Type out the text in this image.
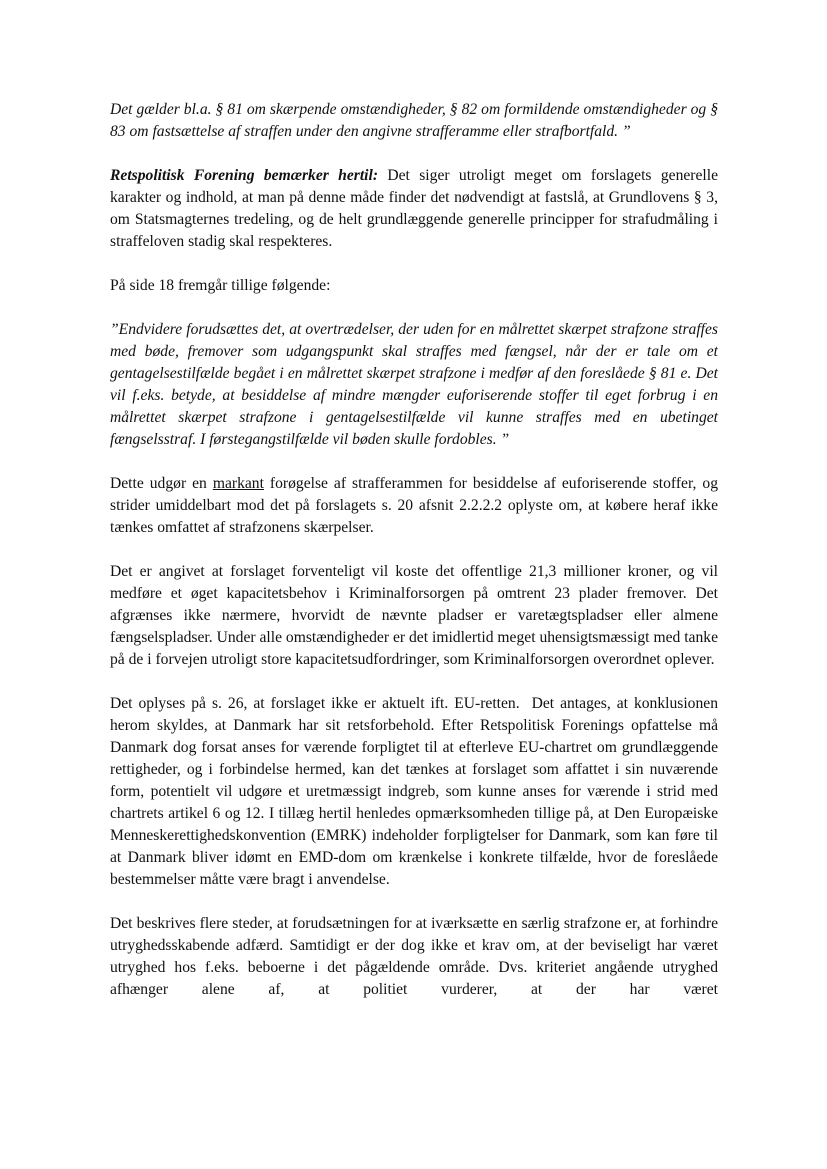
Det gælder bl.a. § 81 om skærpende omstændigheder, § 82 om formildende omstændigheder og § 83 om fastsættelse af straffen under den angivne strafferamme eller strafbortfald. ”

Retspolitisk Forening bemærker hertil: Det siger utroligt meget om forslagets generelle karakter og indhold, at man på denne måde finder det nødvendigt at fastslå, at Grundlovens § 3, om Statsmagternes tredeling, og de helt grundlæggende generelle principper for strafudmåling i straffeloven stadig skal respekteres.

På side 18 fremgår tillige følgende:

”Endvidere forudsættes det, at overtrædelser, der uden for en målrettet skærpet strafzone straffes med bøde, fremover som udgangspunkt skal straffes med fængsel, når der er tale om et gentagelsestilfælde begået i en målrettet skærpet strafzone i medfør af den foreslåede § 81 e. Det vil f.eks. betyde, at besiddelse af mindre mængder euforiserende stoffer til eget forbrug i en målrettet skærpet strafzone i gentagelsestilfælde vil kunne straffes med en ubetinget fængselsstraf. I førstegangstilfælde vil bøden skulle fordobles. ”

Dette udgør en markant forøgelse af strafferammen for besiddelse af euforiserende stoffer, og strider umiddelbart mod det på forslagets s. 20 afsnit 2.2.2.2 oplyste om, at købere heraf ikke tænkes omfattet af strafzonens skærpelser.

Det er angivet at forslaget forventeligt vil koste det offentlige 21,3 millioner kroner, og vil medføre et øget kapacitetsbehov i Kriminalforsorgen på omtrent 23 plader fremover. Det afgrænses ikke nærmere, hvorvidt de nævnte pladser er varetægtspladser eller almene fængselspladser. Under alle omstændigheder er det imidlertid meget uhensigtsmæssigt med tanke på de i forvejen utroligt store kapacitetsudfordringer, som Kriminalforsorgen overordnet oplever.

Det oplyses på s. 26, at forslaget ikke er aktuelt ift. EU-retten.  Det antages, at konklusionen herom skyldes, at Danmark har sit retsforbehold. Efter Retspolitisk Forenings opfattelse må Danmark dog forsat anses for værende forpligtet til at efterleve EU-chartret om grundlæggende rettigheder, og i forbindelse hermed, kan det tænkes at forslaget som affattet i sin nuværende form, potentielt vil udgøre et uretmæssigt indgreb, som kunne anses for værende i strid med chartrets artikel 6 og 12. I tillæg hertil henledes opmærksomheden tillige på, at Den Europæiske Menneskerettighedskonvention (EMRK) indeholder forpligtelser for Danmark, som kan føre til at Danmark bliver idømt en EMD-dom om krænkelse i konkrete tilfælde, hvor de foreslåede bestemmelser måtte være bragt i anvendelse.

Det beskrives flere steder, at forudsætningen for at iværksætte en særlig strafzone er, at forhindre utryghedsskabende adfærd. Samtidigt er der dog ikke et krav om, at der beviseligt har været utryghed hos f.eks. beboerne i det pågældende område. Dvs. kriteriet angående utryghed afhænger alene af, at politiet vurderer, at der har været
